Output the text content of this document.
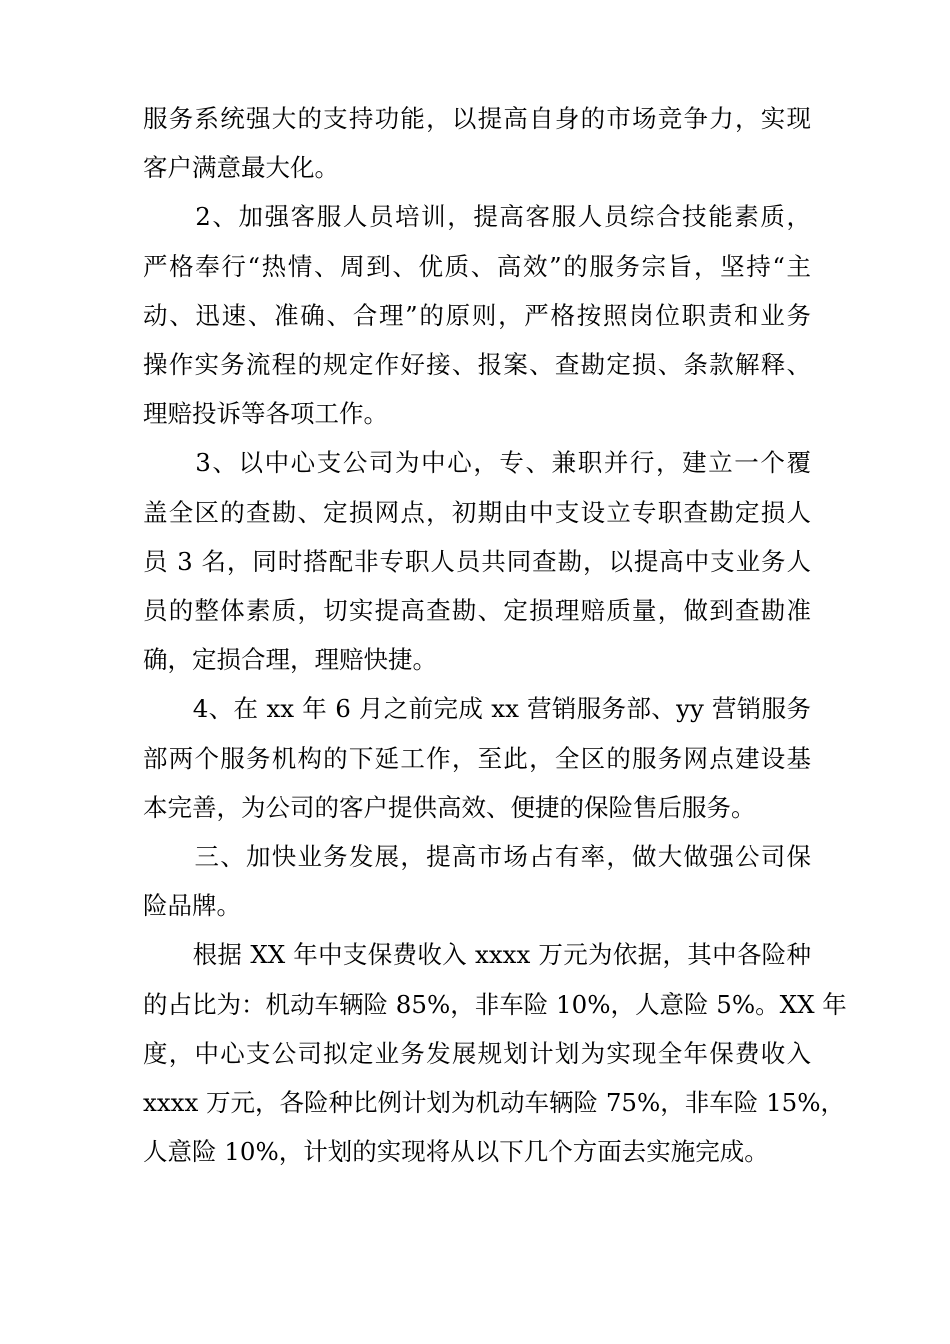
服务系统强大的支持功能，以提高自身的市场竞争力，实现
客户满意最大化。

　　2、加强客服人员培训，提高客服人员综合技能素质，
严格奉行“热情、周到、优质、高效”的服务宗旨，坚持“主
动、迅速、准确、合理”的原则，严格按照岗位职责和业务
操作实务流程的规定作好接、报案、查勘定损、条款解释、
理赔投诉等各项工作。

　　3、以中心支公司为中心，专、兼职并行，建立一个覆
盖全区的查勘、定损网点，初期由中支设立专职查勘定损人
员 3 名，同时搭配非专职人员共同查勘，以提高中支业务人
员的整体素质，切实提高查勘、定损理赔质量，做到查勘准
确，定损合理，理赔快捷。

　　4、在 xx 年 6 月之前完成 xx 营销服务部、yy 营销服务
部两个服务机构的下延工作，至此，全区的服务网点建设基
本完善，为公司的客户提供高效、便捷的保险售后服务。

　　三、加快业务发展，提高市场占有率，做大做强公司保
险品牌。

　　根据 XX 年中支保费收入 xxxx 万元为依据，其中各险种
的占比为：机动车辆险 85%，非车险 10%，人意险 5%。XX 年
度，中心支公司拟定业务发展规划计划为实现全年保费收入
xxxx 万元，各险种比例计划为机动车辆险 75%，非车险 15%，
人意险 10%，计划的实现将从以下几个方面去实施完成。
